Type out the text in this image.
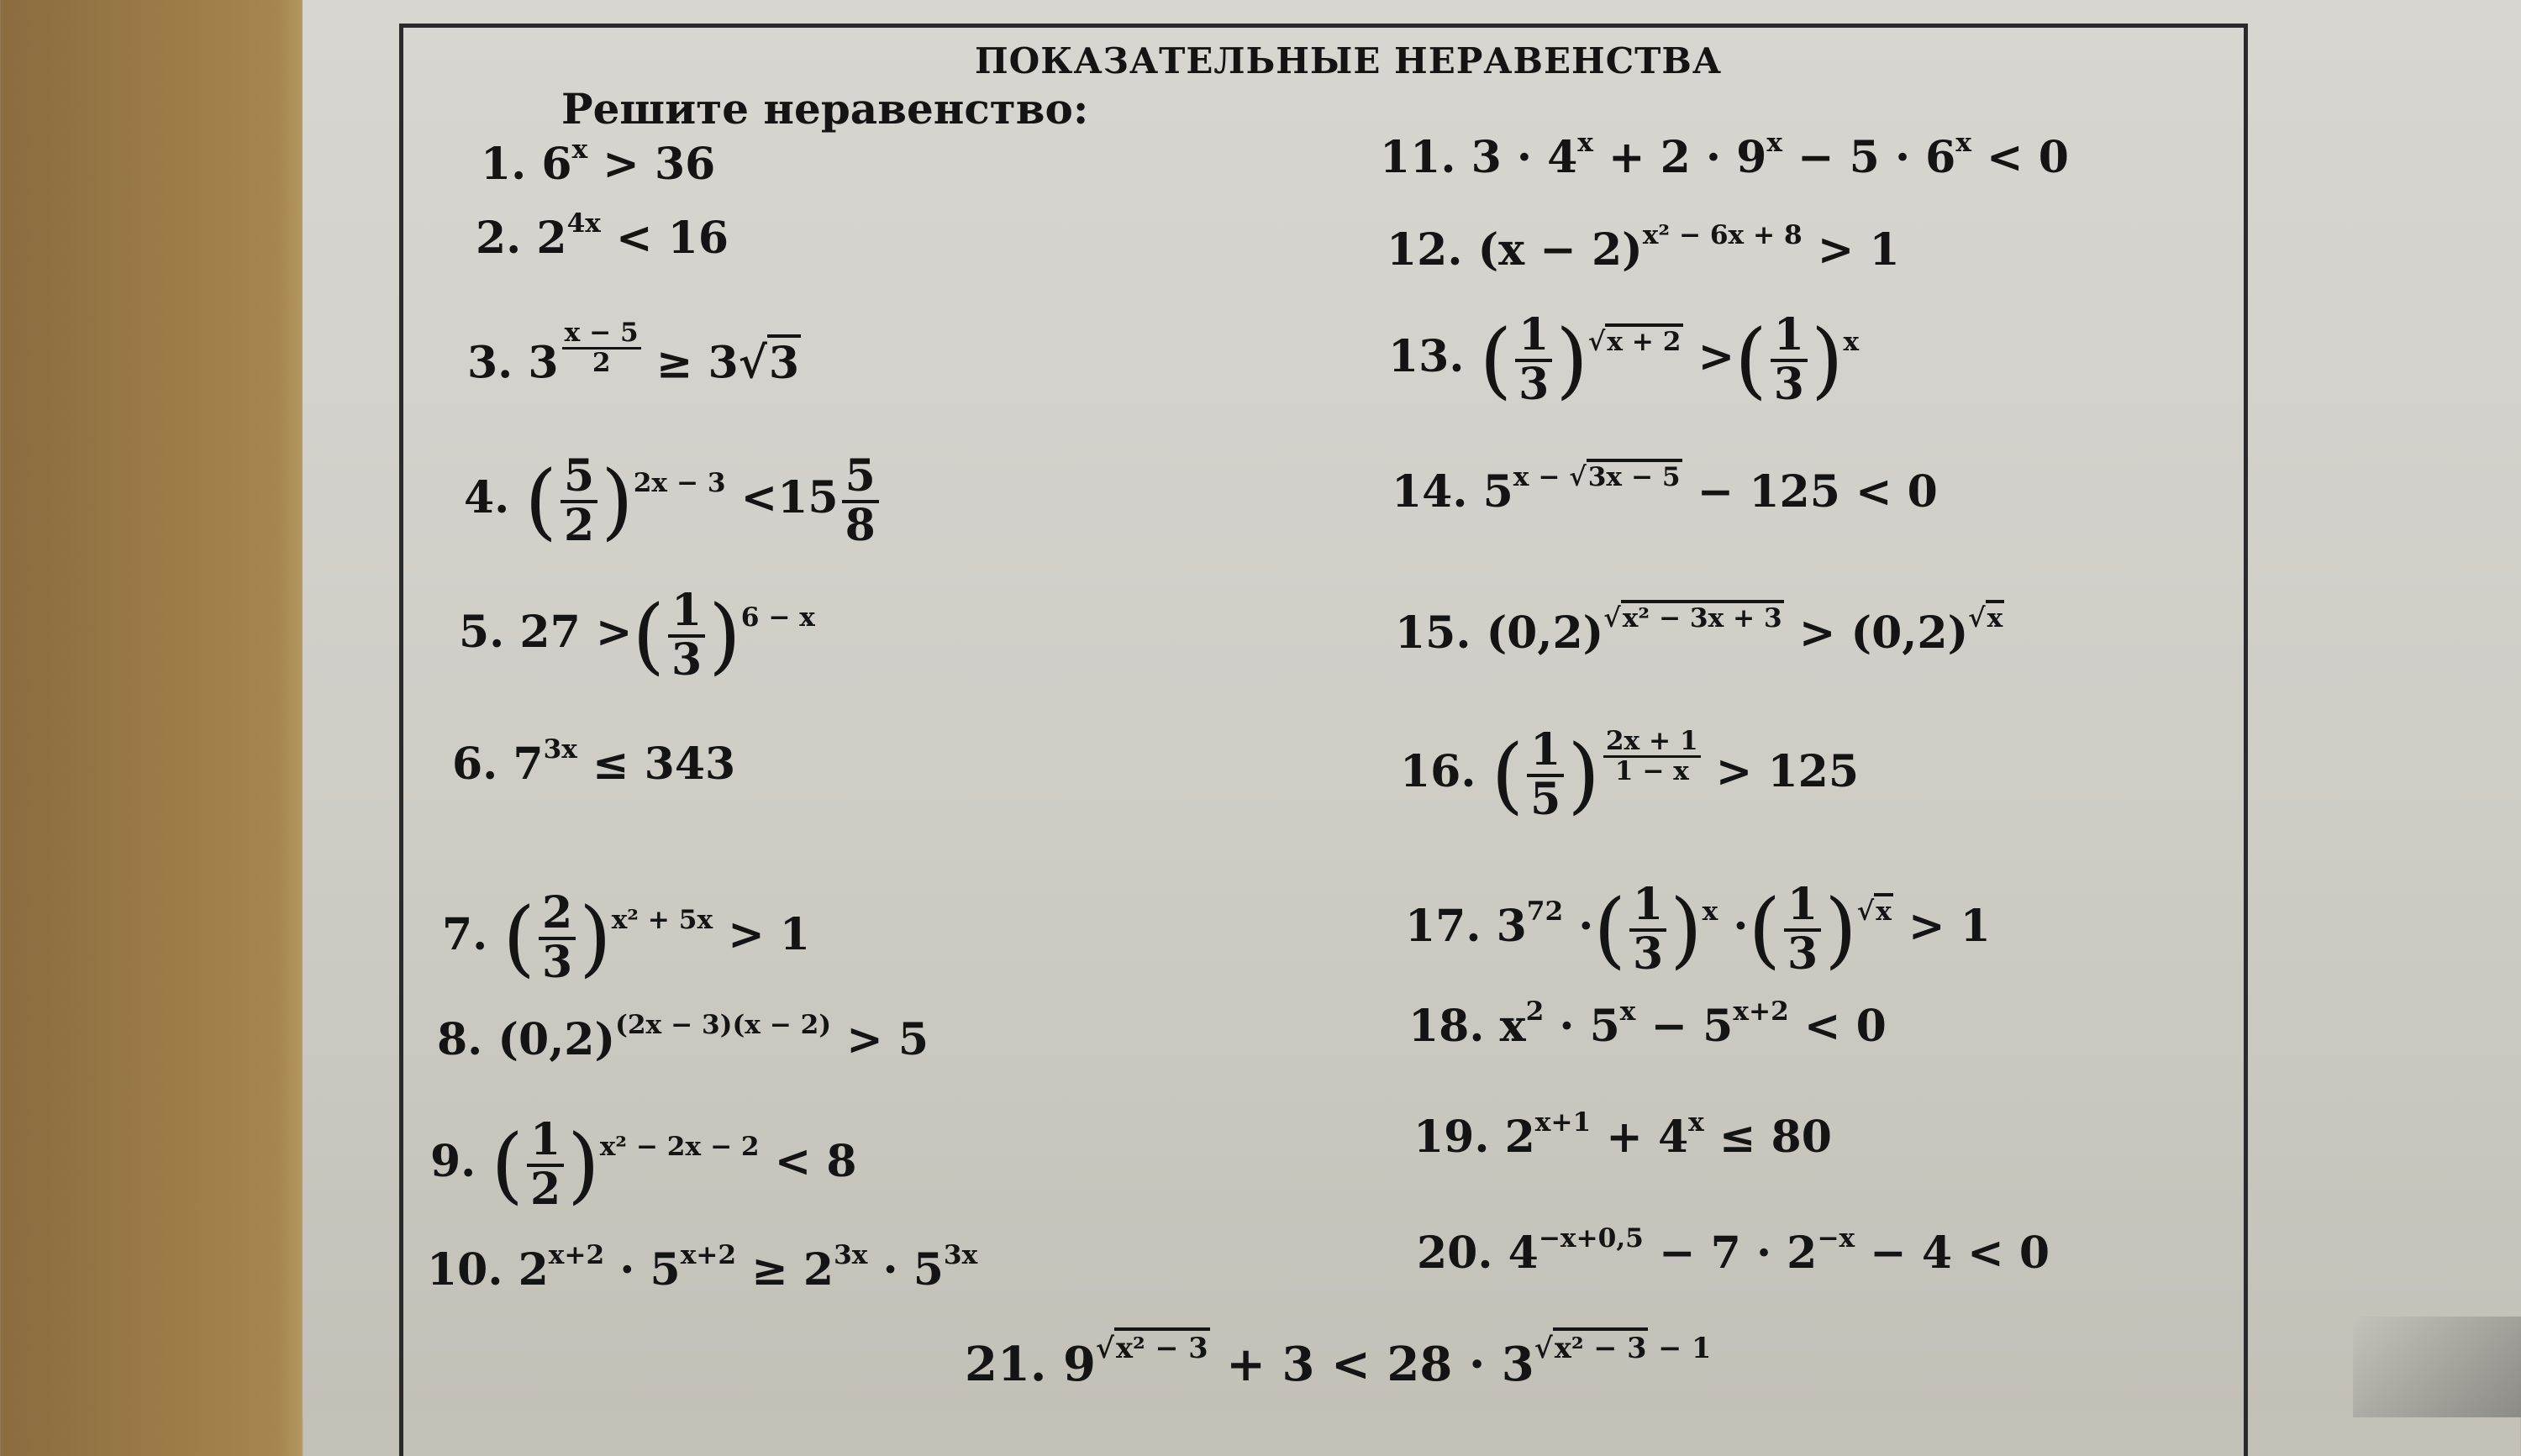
ПОКАЗАТЕЛЬНЫЕ НЕРАВЕНСТВА
Решите неравенство:
1. $6^x > 36$
2. $2^{4x} < 16$
3. $3 \frac{x - 5}{2} \ge 3√3$
4. ( $\frac{5}{2} )^{2x - 3} <15 \frac{5}{8}$
5. 27 >( $\frac{1}{3} )^{6 - x}$
6. $7^{3x} \le 343$
7. ( $\frac{2}{3} )^{x^2 + 5x} > 1$
8. $(0,2)^{(2x - 3)(x - 2)} > 5$
9. ( $\frac{1}{2} )^{x^2 - 2x - 2} < 8$
10. $2^{x+2} \cdot 5^{x+2} \ge 2^{3x} \cdot 5^{3x}$
11. $3 \cdot 4^x + 2 \cdot 9^x - 5 \cdot 6^x < 0$
12. $(x - 2)^{x^2 - 6x + 8} > 1$
13. ( $\frac{1}{3} )^{√x + 2}$ >( $\frac{1}{3} )^x$
14. $5^{x - √3x - 5} - 125 < 0$
15. $(0,2)^{√x^2 - 3x + 3} > (0,2)^{√x}$
16. ( $\frac{1}{5}$ ) $\frac{2x + 1}{1 - x} > 125$
17. $3^{72}$ ·( $\frac{1}{3} )^x$ ·( $\frac{1}{3} )^{√x} > 1$
18. $x^2 \cdot 5^x - 5^{x+2} < 0$
19. $2^{x+1} + 4^x \le 80$
20. $4^{-x+0,5} - 7 \cdot 2^{-x} - 4 < 0$
21. $9^{√x^2 - 3} + 3 < 28 \cdot 3^{√x^2 - 3 - 1}$
